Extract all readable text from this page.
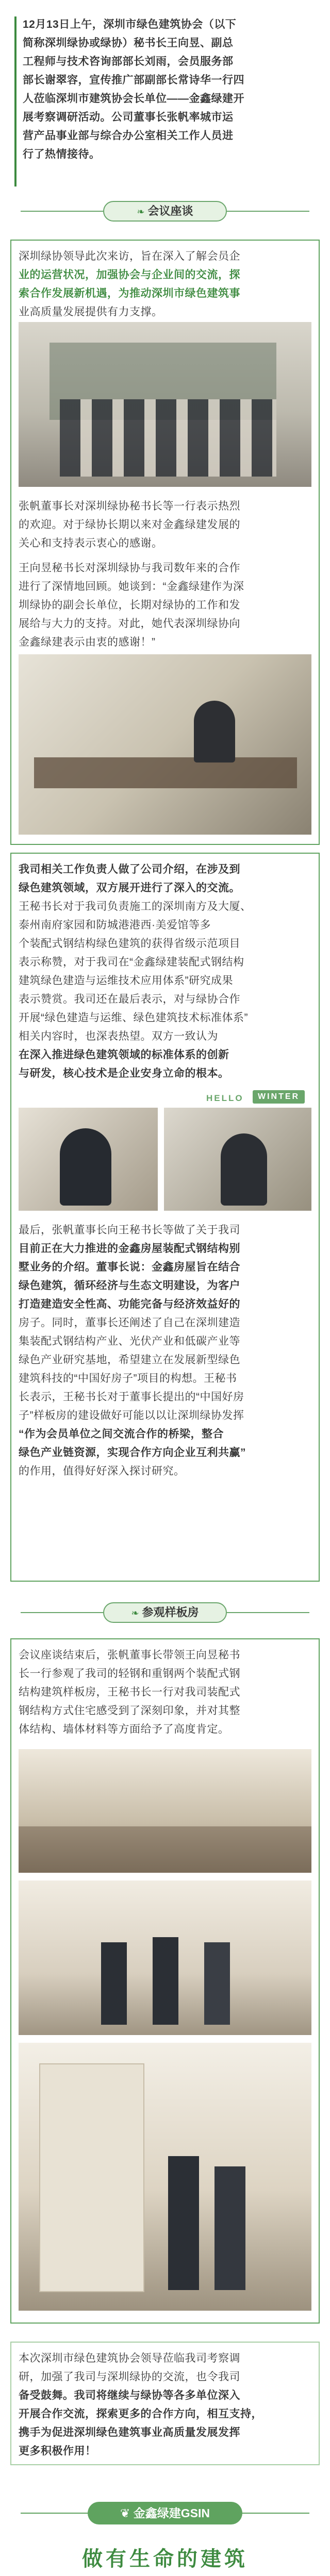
12月13日上午，深圳市绿色建筑协会（以下

简称深圳绿协或绿协）秘书长王向昱、副总

工程师与技术咨询部部长刘雨，会员服务部

部长谢翠容，宣传推广部副部长常诗华一行四

人莅临深圳市建筑协会长单位——金鑫绿建开

展考察调研活动。公司董事长张帆率城市运

营产品事业部与综合办公室相关工作人员进

行了热情接待。

❧ 会议座谈

深圳绿协领导此次来访，旨在深入了解会员企

业的运营状况，加强协会与企业间的交流，探

索合作发展新机遇，为推动深圳市绿色建筑事

业高质量发展提供有力支撑。

张帆董事长对深圳绿协秘书长等一行表示热烈

的欢迎。对于绿协长期以来对金鑫绿建发展的

关心和支持表示衷心的感谢。

王向昱秘书长对深圳绿协与我司数年来的合作

进行了深情地回顾。她谈到：“金鑫绿建作为深

圳绿协的副会长单位，长期对绿协的工作和发

展给与大力的支持。对此，她代表深圳绿协向

金鑫绿建表示由衷的感谢！”

我司相关工作负责人做了公司介绍，在涉及到

绿色建筑领域，双方展开进行了深入的交流。

王秘书长对于我司负责施工的深圳南方及大厦、

泰州南府家园和防城港港西·美爱馆等多

个装配式钢结构绿色建筑的获得省级示范项目

表示称赞，对于我司在“金鑫绿建装配式钢结构

建筑绿色建造与运维技术应用体系”研究成果

表示赞赏。我司还在最后表示，对与绿协合作

开展“绿色建造与运维、绿色建筑技术标准体系”

相关内容时，也深表热望。双方一致认为

在深入推进绿色建筑领域的标准体系的创新

与研发，核心技术是企业安身立命的根本。

HELLO	WINTER

最后，张帆董事长向王秘书长等做了关于我司

目前正在大力推进的金鑫房屋装配式钢结构别

墅业务的介绍。董事长说：金鑫房屋旨在结合

绿色建筑，循环经济与生态文明建设，为客户

打造建造安全性高、功能完备与经济效益好的

房子。同时，董事长还阐述了自己在深圳建造

集装配式钢结构产业、光伏产业和低碳产业等

绿色产业研究基地，希望建立在发展新型绿色

建筑科技的“中国好房子”项目的构想。王秘书

长表示，王秘书长对于董事长提出的“中国好房

子”样板房的建设做好可能以以让深圳绿协发挥

“作为会员单位之间交流合作的桥梁，整合

绿色产业链资源，实现合作方向企业互利共赢”

的作用，值得好好深入探讨研究。

❧ 参观样板房

会议座谈结束后，张帆董事长带领王向昱秘书

长一行参观了我司的轻钢和重钢两个装配式钢

结构建筑样板房，王秘书长一行对我司装配式

钢结构方式住宅感受到了深刻印象，并对其整

体结构、墙体材料等方面给予了高度肯定。

本次深圳市绿色建筑协会领导莅临我司考察调

研，加强了我司与深圳绿协的交流，也令我司

备受鼓舞。我司将继续与绿协等各多单位深入

开展合作交流，探索更多的合作方向，相互支持，

携手为促进深圳绿色建筑事业高质量发展发挥

更多积极作用！

❦ 金鑫绿建GSIN
做有生命的建筑
